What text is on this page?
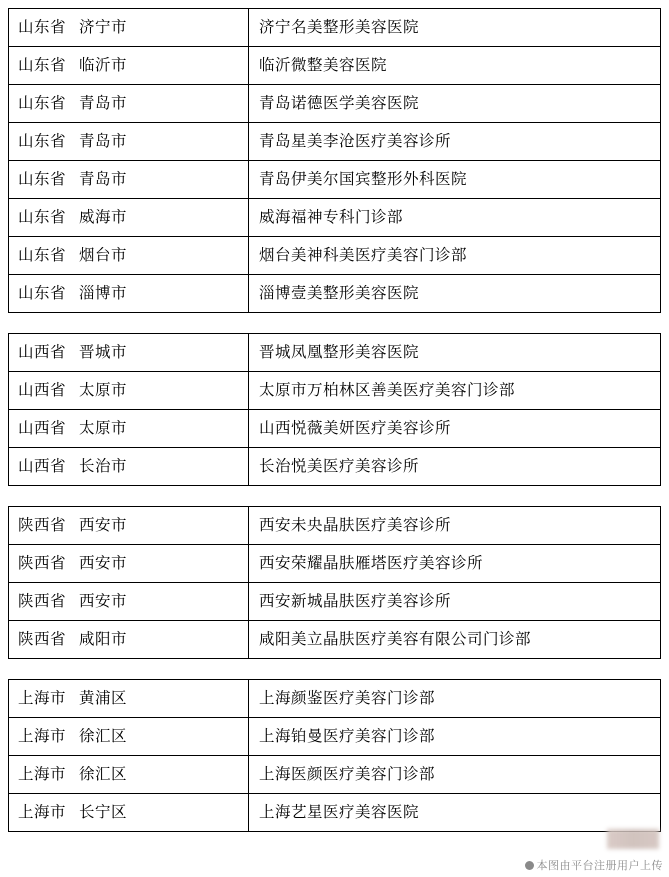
山东省 济宁市	济宁名美整形美容医院
山东省 临沂市	临沂微整美容医院
山东省 青岛市	青岛诺德医学美容医院
山东省 青岛市	青岛星美李沧医疗美容诊所
山东省 青岛市	青岛伊美尔国宾整形外科医院
山东省 威海市	威海福神专科门诊部
山东省 烟台市	烟台美神科美医疗美容门诊部
山东省 淄博市	淄博壹美整形美容医院
山西省 晋城市	晋城凤凰整形美容医院
山西省 太原市	太原市万柏林区善美医疗美容门诊部
山西省 太原市	山西悦薇美妍医疗美容诊所
山西省 长治市	长治悦美医疗美容诊所
陕西省 西安市	西安未央晶肤医疗美容诊所
陕西省 西安市	西安荣耀晶肤雁塔医疗美容诊所
陕西省 西安市	西安新城晶肤医疗美容诊所
陕西省 咸阳市	咸阳美立晶肤医疗美容有限公司门诊部
上海市 黄浦区	上海颜鉴医疗美容门诊部
上海市 徐汇区	上海铂曼医疗美容门诊部
上海市 徐汇区	上海医颜医疗美容门诊部
上海市 长宁区	上海艺星医疗美容医院
本图由平台注册用户上传
